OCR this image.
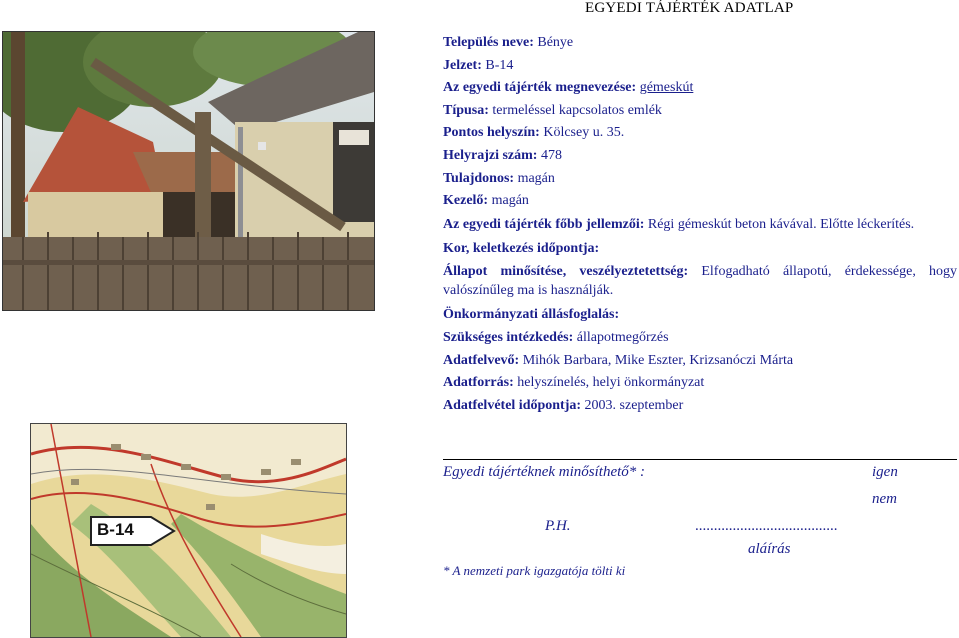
EGYEDI TÁJÉRTÉK ADATLAP
B-14
Település neve: Bénye
Jelzet: B-14
Az egyedi tájérték megnevezése: gémeskút
Típusa: termeléssel kapcsolatos emlék
Pontos helyszín: Kölcsey u. 35.
Helyrajzi szám: 478
Tulajdonos: magán
Kezelő: magán
Az egyedi tájérték főbb jellemzői: Régi gémeskút beton kávával. Előtte léckerítés.
Kor, keletkezés időpontja:
Állapot minősítése, veszélyeztetettség: Elfogadható állapotú, érdekessége, hogy valószínűleg ma is használják.
Önkormányzati állásfoglalás:
Szükséges intézkedés: állapotmegőrzés
Adatfelvevő: Mihók Barbara, Mike Eszter, Krizsanóczi Márta
Adatforrás: helyszínelés, helyi önkormányzat
Adatfelvétel időpontja: 2003. szeptember
Egyedi tájértéknek minősíthető* :	igen
nem
P.H.	......................................
aláírás
* A nemzeti park igazgatója tölti ki
